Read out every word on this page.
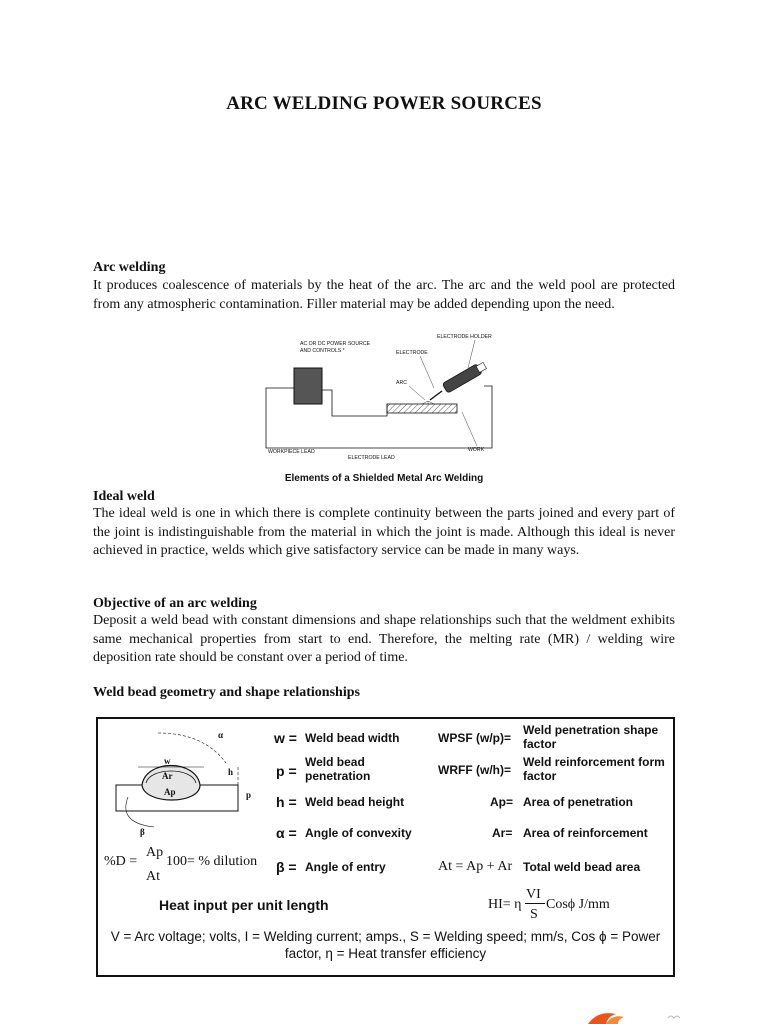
ARC WELDING POWER SOURCES
Arc welding
It produces coalescence of materials by the heat of the arc. The arc and the weld pool are protected from any atmospheric contamination. Filler material may be added depending upon the need.
AC OR DC POWER SOURCE
AND CONTROLS *
ELECTRODE HOLDER
ELECTRODE
ARC
WORKPIECE LEAD
ELECTRODE LEAD
WORK
Elements of a Shielded Metal Arc Welding
Ideal weld
The ideal weld is one in which there is complete continuity between the parts joined and every part of the joint is indistinguishable from the material in which the joint is made. Although this ideal is never achieved in practice, welds which give satisfactory service can be made in many ways.
Objective of an arc welding
Deposit a weld bead with constant dimensions and shape relationships such that the weldment exhibits same mechanical properties from start to end. Therefore, the melting rate (MR) / welding wire deposition rate should be constant over a period of time.
Weld bead geometry and shape relationships
α
w
Ar
Ap
h
p
β
w = Weld bead width
p =
Weld bead penetration
h = Weld bead height
α = Angle of convexity
β = Angle of entry
WPSF (w/p)=
Weld penetration shape factor
WRFF (w/h)=
Weld reinforcement form factor
Ap= Area of penetration
Ar= Area of reinforcement
At = Ap + Ar Total weld bead area
%D =
Ap
At
100= % dilution
Heat input per unit length	HI= η
VI
S
Cosϕ J/mm
V = Arc voltage; volts, I = Welding current; amps., S = Welding speed; mm/s, Cos ϕ = Power
factor, η = Heat transfer efficiency
